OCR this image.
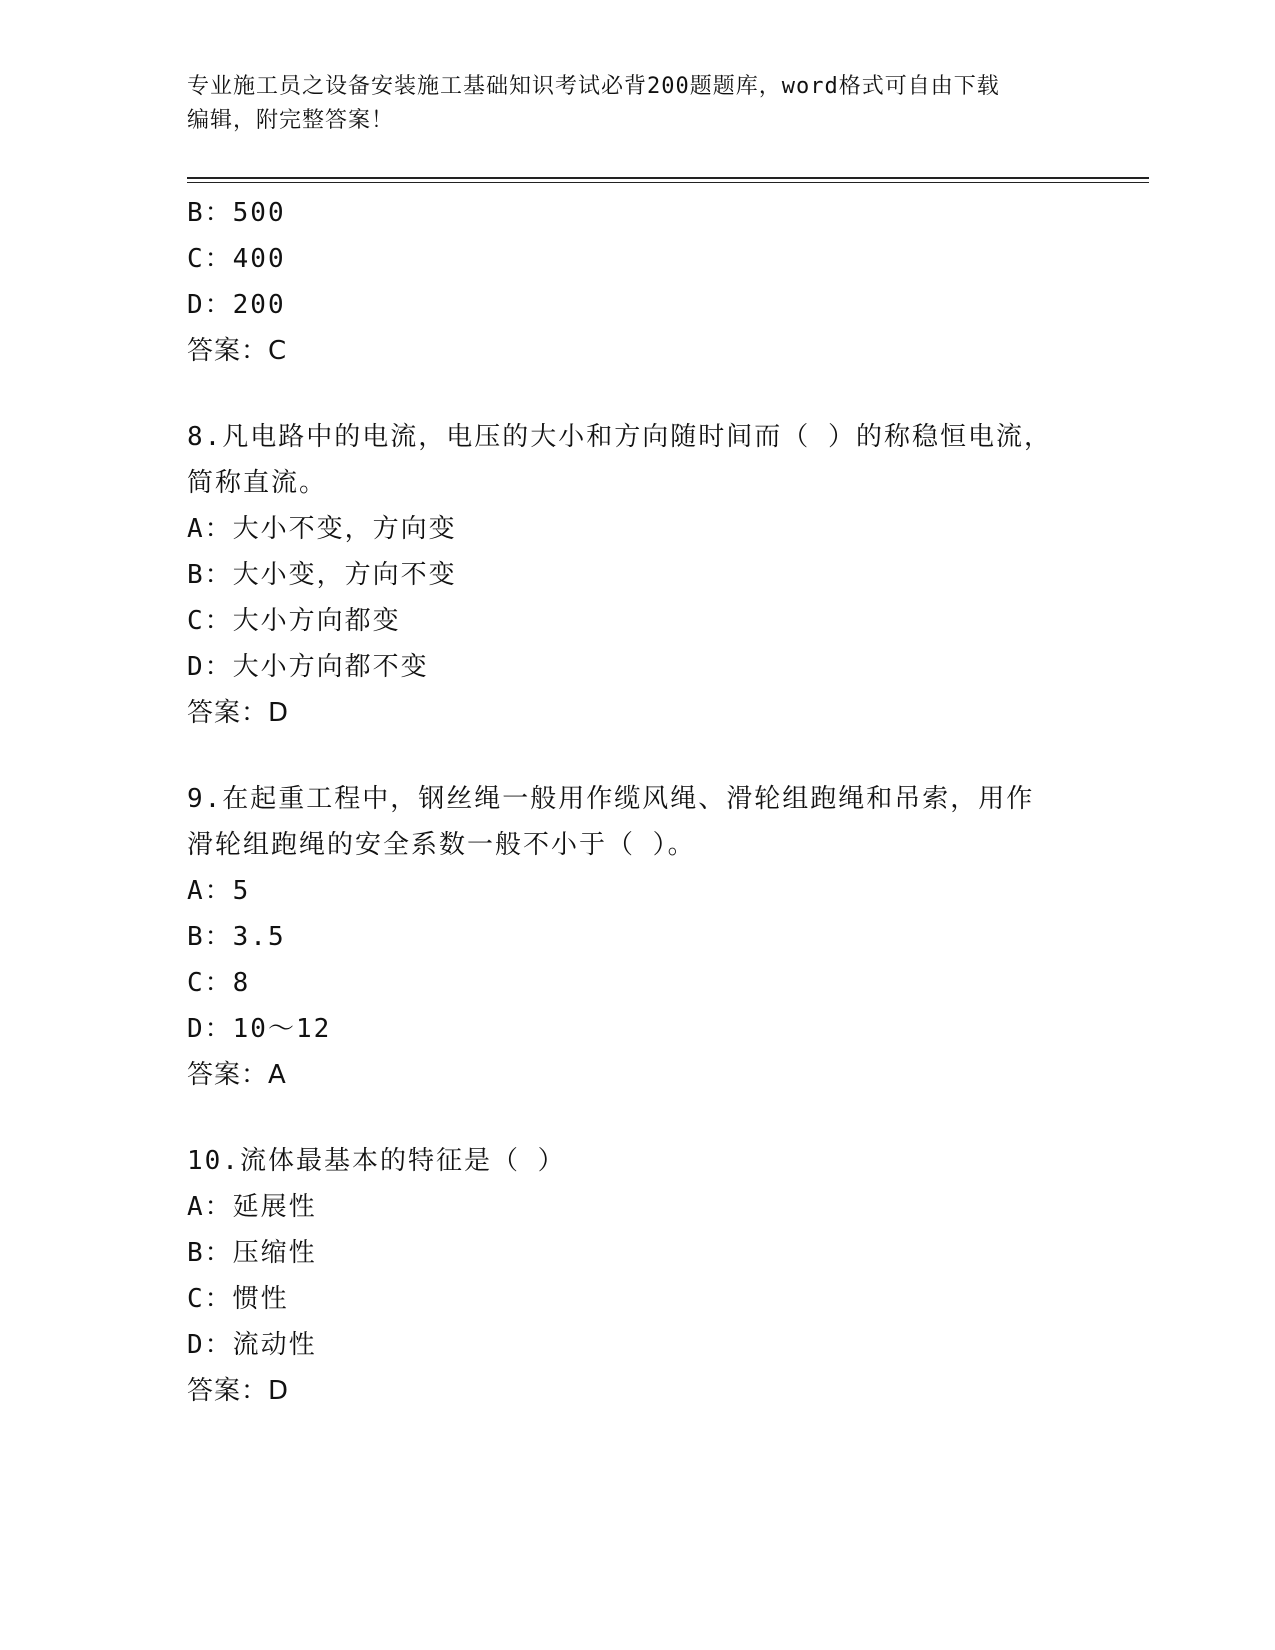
专业施工员之设备安装施工基础知识考试必背200题题库，word格式可自由下载
编辑，附完整答案！
B：500
C：400
D：200
答案：C
8.凡电路中的电流，电压的大小和方向随时间而（ ）的称稳恒电流，
简称直流。
A：大小不变，方向变
B：大小变，方向不变
C：大小方向都变
D：大小方向都不变
答案：D
9.在起重工程中，钢丝绳一般用作缆风绳、滑轮组跑绳和吊索，用作
滑轮组跑绳的安全系数一般不小于（ ）。
A：5
B：3.5
C：8
D：10～12
答案：A
10.流体最基本的特征是（ ）
A：延展性
B：压缩性
C：惯性
D：流动性
答案：D
